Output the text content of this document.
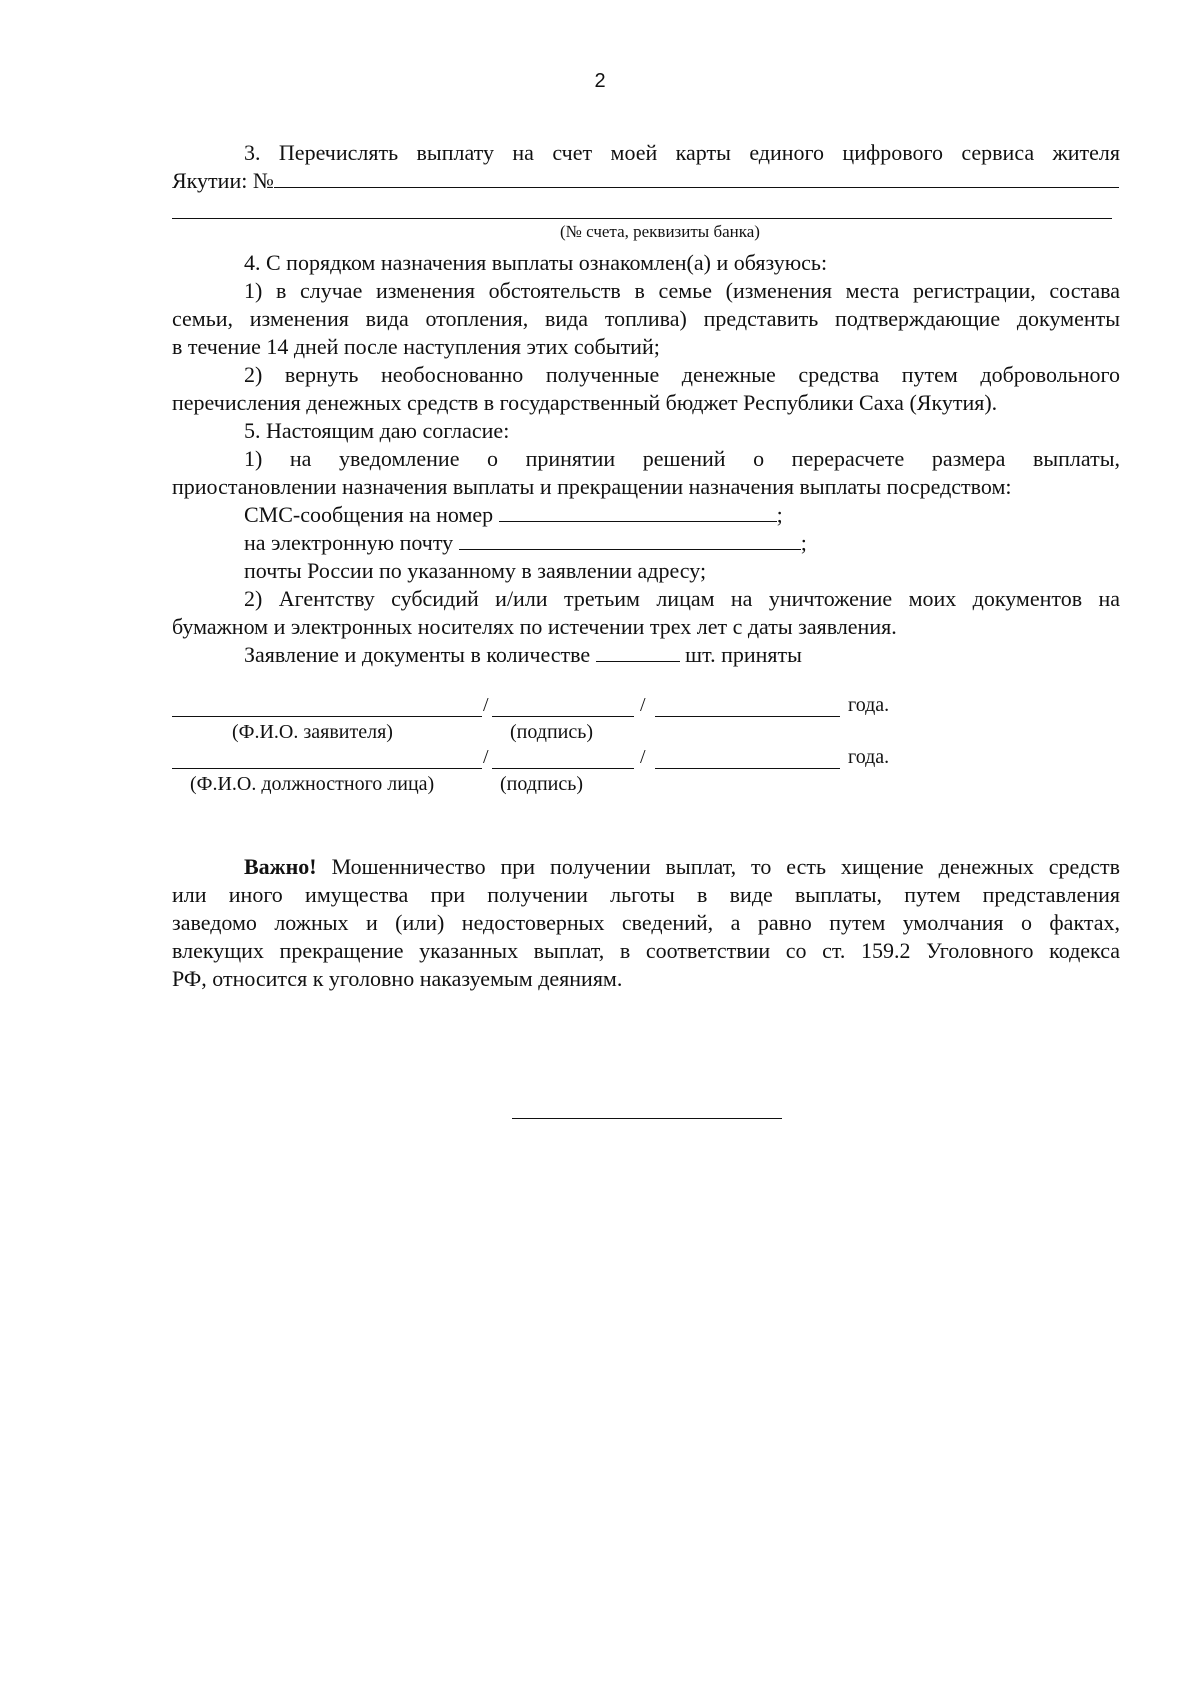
2

3. Перечислять выплату на счет моей карты единого цифрового сервиса жителя

Якутии: №

(№ счета, реквизиты банка)

4. С порядком назначения выплаты ознакомлен(а) и обязуюсь:

1) в случае изменения обстоятельств в семье (изменения места регистрации, состава

семьи, изменения вида отопления, вида топлива) представить подтверждающие документы

в течение 14 дней после наступления этих событий;

2) вернуть необоснованно полученные денежные средства путем добровольного

перечисления денежных средств в государственный бюджет Республики Саха (Якутия).

5. Настоящим даю согласие:

1) на уведомление о принятии решений о перерасчете размера выплаты,

приостановлении назначения выплаты и прекращении назначения выплаты посредством:

СМС-сообщения на номер	;

на электронную почту	;

почты России по указанному в заявлении адресу;

2) Агентству субсидий и/или третьим лицам на уничтожение моих документов на

бумажном и электронных носителях по истечении трех лет с даты заявления.

Заявление и документы в количестве	шт. приняты

/	/	года.
(Ф.И.О. заявителя)	(подпись)
/	/	года.
(Ф.И.О. должностного лица)	(подпись)

Важно! Мошенничество при получении выплат, то есть хищение денежных средств

или иного имущества при получении льготы в виде выплаты, путем представления

заведомо ложных и (или) недостоверных сведений, а равно путем умолчания о фактах,

влекущих прекращение указанных выплат, в соответствии со ст. 159.2 Уголовного кодекса

РФ, относится к уголовно наказуемым деяниям.
